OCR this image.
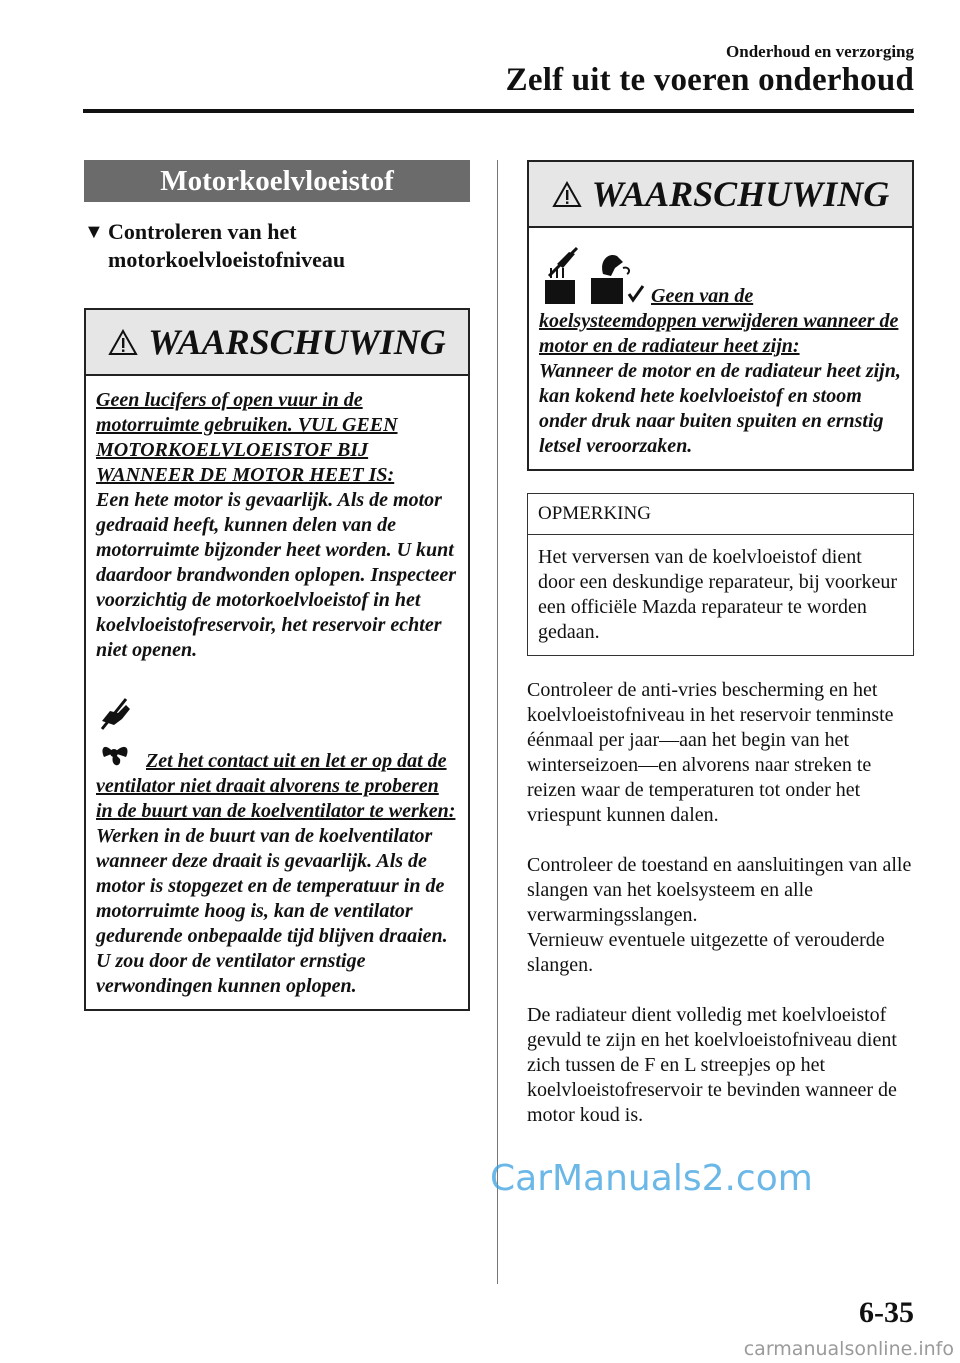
Onderhoud en verzorging
Zelf uit te voeren onderhoud
Motorkoelvloeistof
▼ Controleren van het motorkoelvloeistofniveau
WAARSCHUWING

Geen lucifers of open vuur in de motorruimte gebruiken. VUL GEEN MOTORKOELVLOEISTOF BIJ WANNEER DE MOTOR HEET IS:

Een hete motor is gevaarlijk. Als de motor gedraaid heeft, kunnen delen van de motorruimte bijzonder heet worden. U kunt daardoor brandwonden oplopen. Inspecteer voorzichtig de motorkoelvloeistof in het koelvloeistofreservoir, het reservoir echter niet openen.

Zet het contact uit en let er op dat de ventilator niet draait alvorens te proberen in de buurt van de koelventilator te werken:

Werken in de buurt van de koelventilator wanneer deze draait is gevaarlijk. Als de motor is stopgezet en de temperatuur in de motorruimte hoog is, kan de ventilator gedurende onbepaalde tijd blijven draaien. U zou door de ventilator ernstige verwondingen kunnen oplopen.

WAARSCHUWING

Geen van de koelsysteemdoppen verwijderen wanneer de motor en de radiateur heet zijn:

Wanneer de motor en de radiateur heet zijn, kan kokend hete koelvloeistof en stoom onder druk naar buiten spuiten en ernstig letsel veroorzaken.

OPMERKING
Het verversen van de koelvloeistof dient door een deskundige reparateur, bij voorkeur een officiële Mazda reparateur te worden gedaan.

Controleer de anti-vries bescherming en het koelvloeistofniveau in het reservoir tenminste éénmaal per jaar—aan het begin van het winterseizoen—en alvorens naar streken te reizen waar de temperaturen tot onder het vriespunt kunnen dalen.

Controleer de toestand en aansluitingen van alle slangen van het koelsysteem en alle verwarmingsslangen.

Vernieuw eventuele uitgezette of verouderde slangen.

De radiateur dient volledig met koelvloeistof gevuld te zijn en het koelvloeistofniveau dient zich tussen de F en L streepjes op het koelvloeistofreservoir te bevinden wanneer de motor koud is.

6-35
CarManuals2.com
carmanualsonline.info
